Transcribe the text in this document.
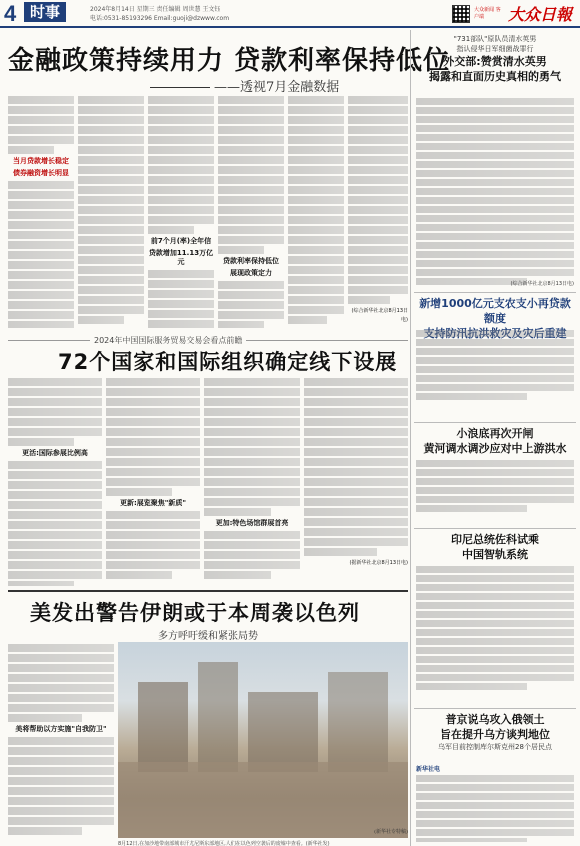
4 时事	2024年8月14日 星期三 责任编辑 周世慧 王文钰
电话:0531-85193296 Email:guoji@dzwww.com
大众新闻 客户端	大众日報
金融政策持续用力 贷款利率保持低位
——透视7月金融数据
当月贷款增长稳定
债券融资增长明显
前7个月(率)全年信
贷款增加11.13万亿元	贷款利率保持低位
展现政策定力
(综合新华社北京8月13日电)
2024年中国国际服务贸易交易会看点前瞻
72个国家和国际组织确定线下设展
更活:国际参展比例高
更新:展览聚焦"新质"
更加:特色场馆群展首亮
(据新华社北京8月13日电)
美发出警告伊朗或于本周袭以色列
多方呼吁缓和紧张局势
美将帮助以方实施"自我防卫"
8月12日,在加沙地带南部城市汗尤尼斯东部地区,人们在以色列空袭后的废墟中查看。(新华社发)
"731部队"原队员清水英男
指认侵华日军细菌战罪行
外交部:赞赏清水英男
揭露和直面历史真相的勇气
(综合新华社北京8月13日电)
新增1000亿元支农支小再贷款额度
支持防汛抗洪救灾及灾后重建
小浪底再次开闸
黄河调水调沙应对中上游洪水
印尼总统佐科试乘
中国智轨系统
普京说乌攻入俄领土
旨在提升乌方谈判地位
乌军目前控制库尔斯克州28个居民点
新华社电
(新华社专特稿)
